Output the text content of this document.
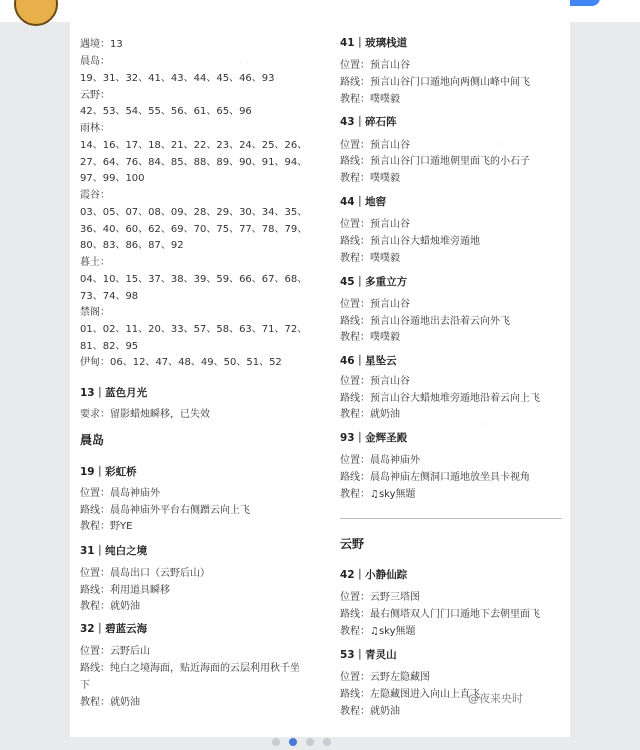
· · ·
· · ·
· · ·
· · ·
遇境：13
晨岛：
19、31、32、41、43、44、45、46、93
云野：
42、53、54、55、56、61、65、96
雨林：
14、16、17、18、21、22、23、24、25、26、
27、64、76、84、85、88、89、90、91、94、
97、99、100
霞谷：
03、05、07、08、09、28、29、30、34、35、
36、40、60、62、69、70、75、77、78、79、
80、83、86、87、92
暮土：
04、10、15、37、38、39、59、66、67、68、
73、74、98
禁阁：
01、02、11、20、33、57、58、63、71、72、
81、82、95
伊甸：06、12、47、48、49、50、51、52
13｜蓝色月光
要求：留影蜡烛瞬移，已失效
晨岛
19｜彩虹桥
位置：晨岛神庙外
路线：晨岛神庙外平台右侧蹭云向上飞
教程：野YE
31｜纯白之境
位置：晨岛出口（云野后山）
路线：利用道具瞬移
教程：就奶油
32｜碧蓝云海
位置：云野后山
路线：纯白之境海面，贴近海面的云层利用秋千坐
下
教程：就奶油
41｜玻璃栈道
位置：预言山谷
路线：预言山谷门口遁地向两侧山峰中间飞
教程：噗噗毅
43｜碎石阵
位置：预言山谷
路线：预言山谷门口遁地朝里面飞的小石子
教程：噗噗毅
44｜地窖
位置：预言山谷
路线：预言山谷大蜡烛堆旁遁地
教程：噗噗毅
45｜多重立方
位置：预言山谷
路线：预言山谷遁地出去沿着云向外飞
教程：噗噗毅
46｜星坠云
位置：预言山谷
路线：预言山谷大蜡烛堆旁遁地沿着云向上飞
教程：就奶油
93｜金辉圣殿
位置：晨岛神庙外
路线：晨岛神庙左侧洞口遁地放坐具卡视角
教程：♫sky無題
云野
42｜小静仙踪
位置：云野三塔图
路线：最右侧塔双人门门口遁地下去朝里面飞
教程：♫sky無題
53｜青灵山
位置：云野左隐藏图
路线：左隐藏图进入向山上直飞
教程：就奶油
@夜来央时
